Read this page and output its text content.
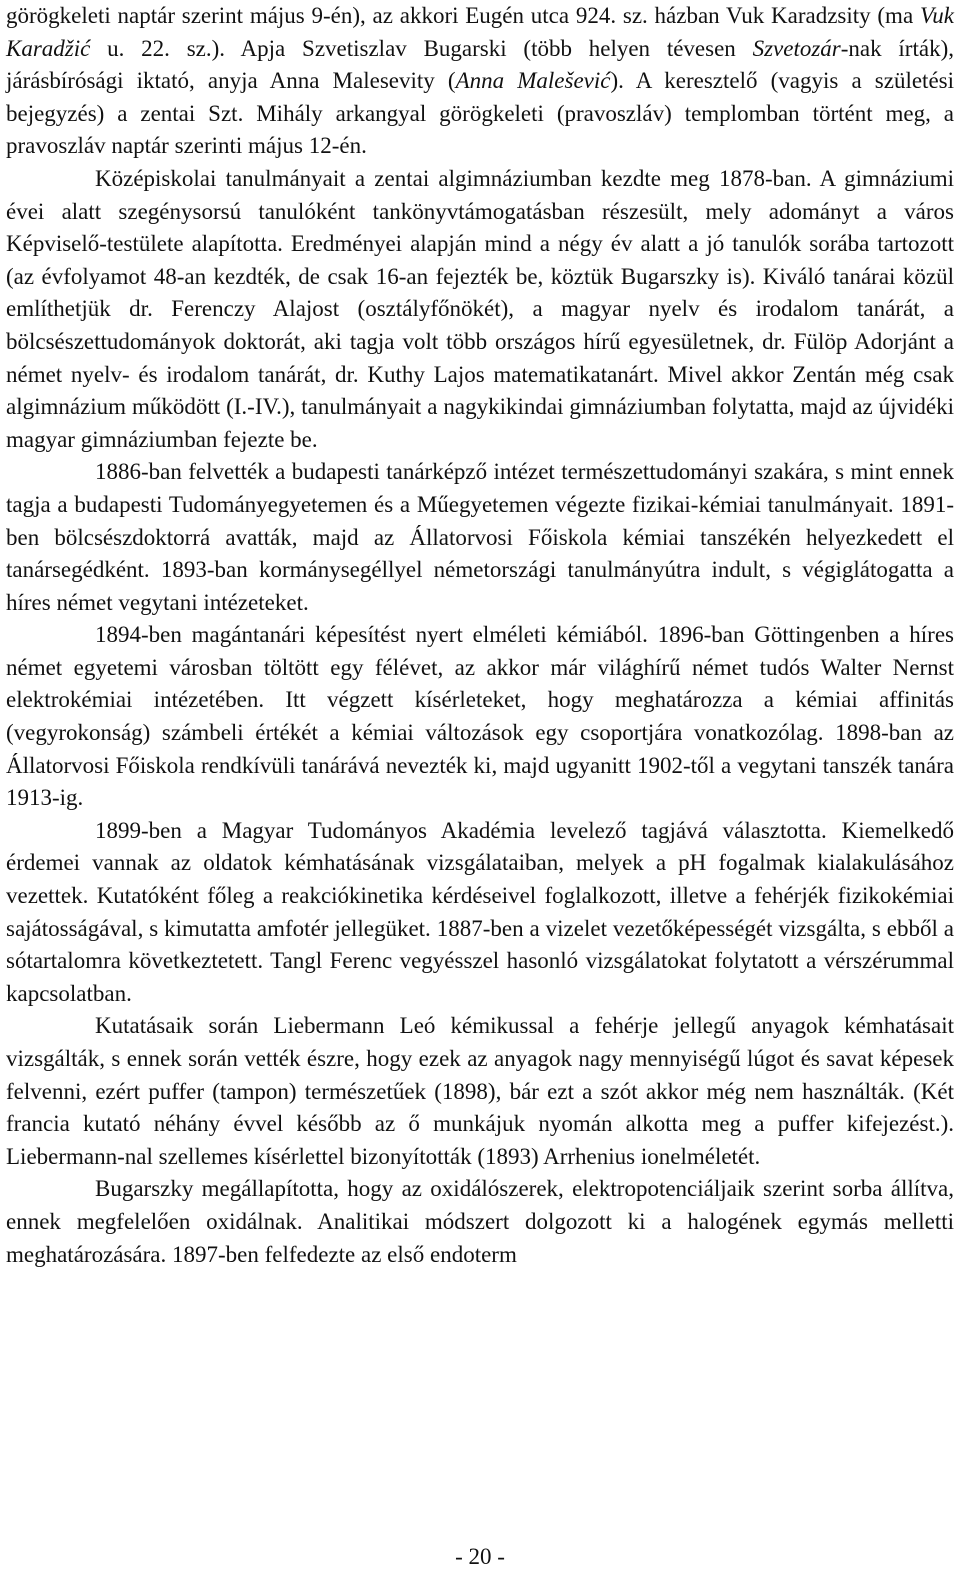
görögkeleti naptár szerint május 9-én), az akkori Eugén utca 924. sz. házban Vuk Karadzsity (ma Vuk Karadžić u. 22. sz.). Apja Szvetiszlav Bugarski (több helyen tévesen Szvetozár-nak írták), járásbírósági iktató, anyja Anna Malesevity (Anna Malešević). A keresztelő (vagyis a születési bejegyzés) a zentai Szt. Mihály arkangyal görögkeleti (pravoszláv) templomban történt meg, a pravoszláv naptár szerinti május 12-én.

Középiskolai tanulmányait a zentai algimnáziumban kezdte meg 1878-ban. A gimnáziumi évei alatt szegénysorsú tanulóként tankönyvtámogatásban részesült, mely adományt a város Képviselő-testülete alapította. Eredményei alapján mind a négy év alatt a jó tanulók sorába tartozott (az évfolyamot 48-an kezdték, de csak 16-an fejezték be, köztük Bugarszky is). Kiváló tanárai közül említhetjük dr. Ferenczy Alajost (osztályfőnökét), a magyar nyelv és irodalom tanárát, a bölcsészettudományok doktorát, aki tagja volt több országos hírű egyesületnek, dr. Fülöp Adorjánt a német nyelv- és irodalom tanárát, dr. Kuthy Lajos matematikatanárt. Mivel akkor Zentán még csak algimnázium működött (I.-IV.), tanulmányait a nagykikindai gimnáziumban folytatta, majd az újvidéki magyar gimnáziumban fejezte be.

1886-ban felvették a budapesti tanárképző intézet természettudományi szakára, s mint ennek tagja a budapesti Tudományegyetemen és a Műegyetemen végezte fizikai-kémiai tanulmányait. 1891-ben bölcsészdoktorrá avatták, majd az Állatorvosi Főiskola kémiai tanszékén helyezkedett el tanársegédként. 1893-ban kormánysegéllyel németországi tanulmányútra indult, s végiglátogatta a híres német vegytani intézeteket.

1894-ben magántanári képesítést nyert elméleti kémiából. 1896-ban Göttingenben a híres német egyetemi városban töltött egy félévet, az akkor már világhírű német tudós Walter Nernst elektrokémiai intézetében. Itt végzett kísérleteket, hogy meghatározza a kémiai affinitás (vegyrokonság) számbeli értékét a kémiai változások egy csoportjára vonatkozólag. 1898-ban az Állatorvosi Főiskola rendkívüli tanárává nevezték ki, majd ugyanitt 1902-től a vegytani tanszék tanára 1913-ig.

1899-ben a Magyar Tudományos Akadémia levelező tagjává választotta. Kiemelkedő érdemei vannak az oldatok kémhatásának vizsgálataiban, melyek a pH fogalmak kialakulásához vezettek. Kutatóként főleg a reakciókinetika kérdéseivel foglalkozott, illetve a fehérjék fizikokémiai sajátosságával, s kimutatta amfotér jellegüket. 1887-ben a vizelet vezetőképességét vizsgálta, s ebből a sótartalomra következtetett. Tangl Ferenc vegyésszel hasonló vizsgálatokat folytatott a vérszérummal kapcsolatban.

Kutatásaik során Liebermann Leó kémikussal a fehérje jellegű anyagok kémhatásait vizsgálták, s ennek során vették észre, hogy ezek az anyagok nagy mennyiségű lúgot és savat képesek felvenni, ezért puffer (tampon) természetűek (1898), bár ezt a szót akkor még nem használták. (Két francia kutató néhány évvel később az ő munkájuk nyomán alkotta meg a puffer kifejezést.). Liebermann-nal szellemes kísérlettel bizonyították (1893) Arrhenius ionelméletét.

Bugarszky megállapította, hogy az oxidálószerek, elektropotenciáljaik szerint sorba állítva, ennek megfelelően oxidálnak. Analitikai módszert dolgozott ki a halogének egymás melletti meghatározására. 1897-ben felfedezte az első endoterm

- 20 -
